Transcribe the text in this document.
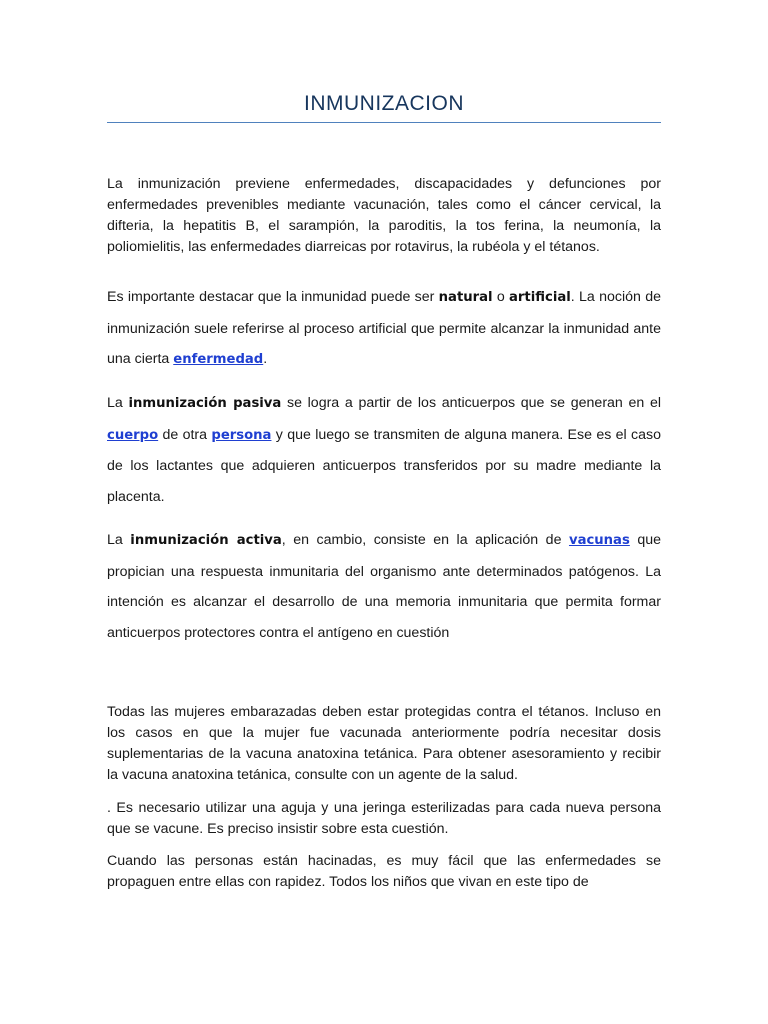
INMUNIZACION

La inmunización previene enfermedades, discapacidades y defunciones por enfermedades prevenibles mediante vacunación, tales como el cáncer cervical, la difteria, la hepatitis B, el sarampión, la paroditis, la tos ferina, la neumonía, la poliomielitis, las enfermedades diarreicas por rotavirus, la rubéola y el tétanos.

Es importante destacar que la inmunidad puede ser natural o artificial. La noción de inmunización suele referirse al proceso artificial que permite alcanzar la inmunidad ante una cierta enfermedad.

La inmunización pasiva se logra a partir de los anticuerpos que se generan en el cuerpo de otra persona y que luego se transmiten de alguna manera. Ese es el caso de los lactantes que adquieren anticuerpos transferidos por su madre mediante la placenta.

La inmunización activa, en cambio, consiste en la aplicación de vacunas que propician una respuesta inmunitaria del organismo ante determinados patógenos. La intención es alcanzar el desarrollo de una memoria inmunitaria que permita formar anticuerpos protectores contra el antígeno en cuestión

Todas las mujeres embarazadas deben estar protegidas contra el tétanos. Incluso en los casos en que la mujer fue vacunada anteriormente podría necesitar dosis suplementarias de la vacuna anatoxina tetánica. Para obtener asesoramiento y recibir la vacuna anatoxina tetánica, consulte con un agente de la salud.

. Es necesario utilizar una aguja y una jeringa esterilizadas para cada nueva persona que se vacune. Es preciso insistir sobre esta cuestión.

Cuando las personas están hacinadas, es muy fácil que las enfermedades se propaguen entre ellas con rapidez. Todos los niños que vivan en este tipo de
